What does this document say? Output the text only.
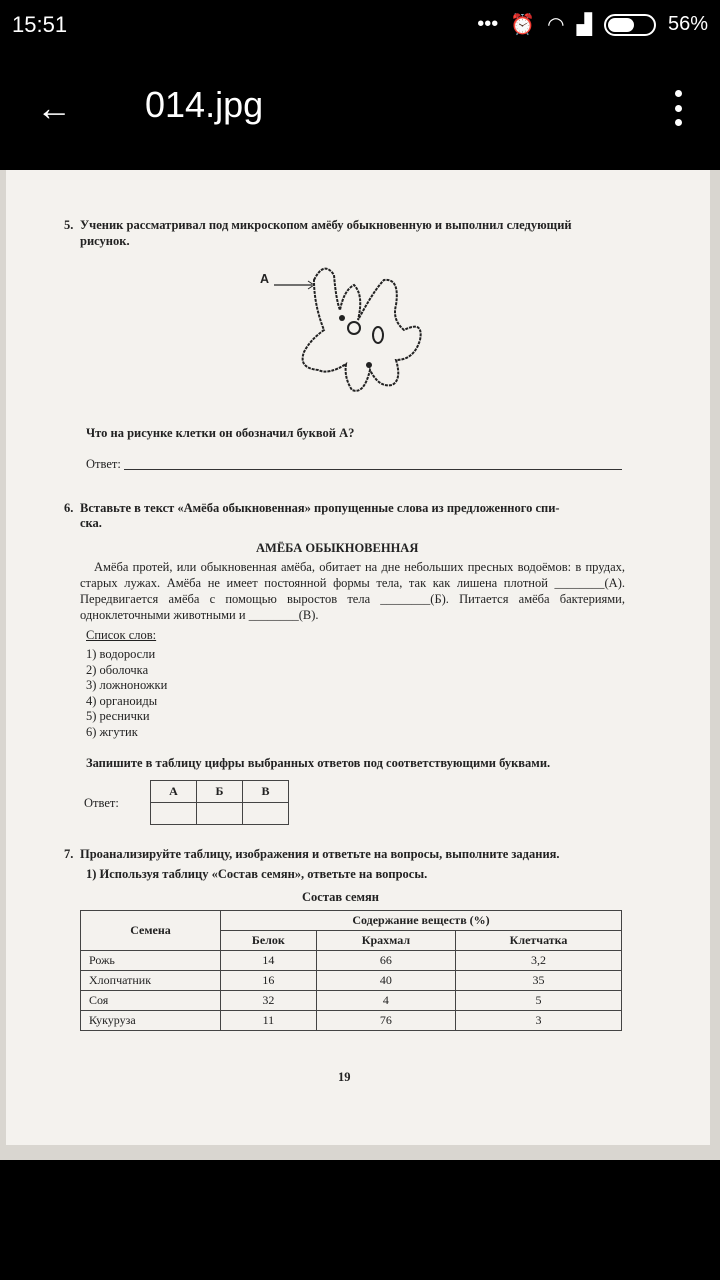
15:51	••• ⏰ ◠ ▟	56%
← 014.jpg
5. Ученик рассматривал под микроскопом амёбу обыкновенную и выполнил следующий
рисунок.
А
Что на рисунке клетки он обозначил буквой А?
Ответ:
6. Вставьте в текст «Амёба обыкновенная» пропущенные слова из предложенного спи-
ска.
АМЁБА ОБЫКНОВЕННАЯ
Амёба протей, или обыкновенная амёба, обитает на дне небольших пресных водоёмов: в прудах, старых лужах. Амёба не имеет постоянной формы тела, так как лишена плотной ________(А). Передвигается амёба с помощью выростов тела ________(Б). Питается амёба бактериями, одноклеточными животными и ________(В).
Список слов:
1) водоросли
2) оболочка
3) ложноножки
4) органоиды
5) реснички
6) жгутик
Запишите в таблицу цифры выбранных ответов под соответствующими буквами.
Ответ:
А	Б	В

7. Проанализируйте таблицу, изображения и ответьте на вопросы, выполните задания.
1) Используя таблицу «Состав семян», ответьте на вопросы.
Состав семян
Семена	Содержание веществ (%)		
	Белок	Крахмал	Клетчатка
Рожь	14	66	3,2
Хлопчатник	16	40	35
Соя	32	4	5
Кукуруза	11	76	3
19
